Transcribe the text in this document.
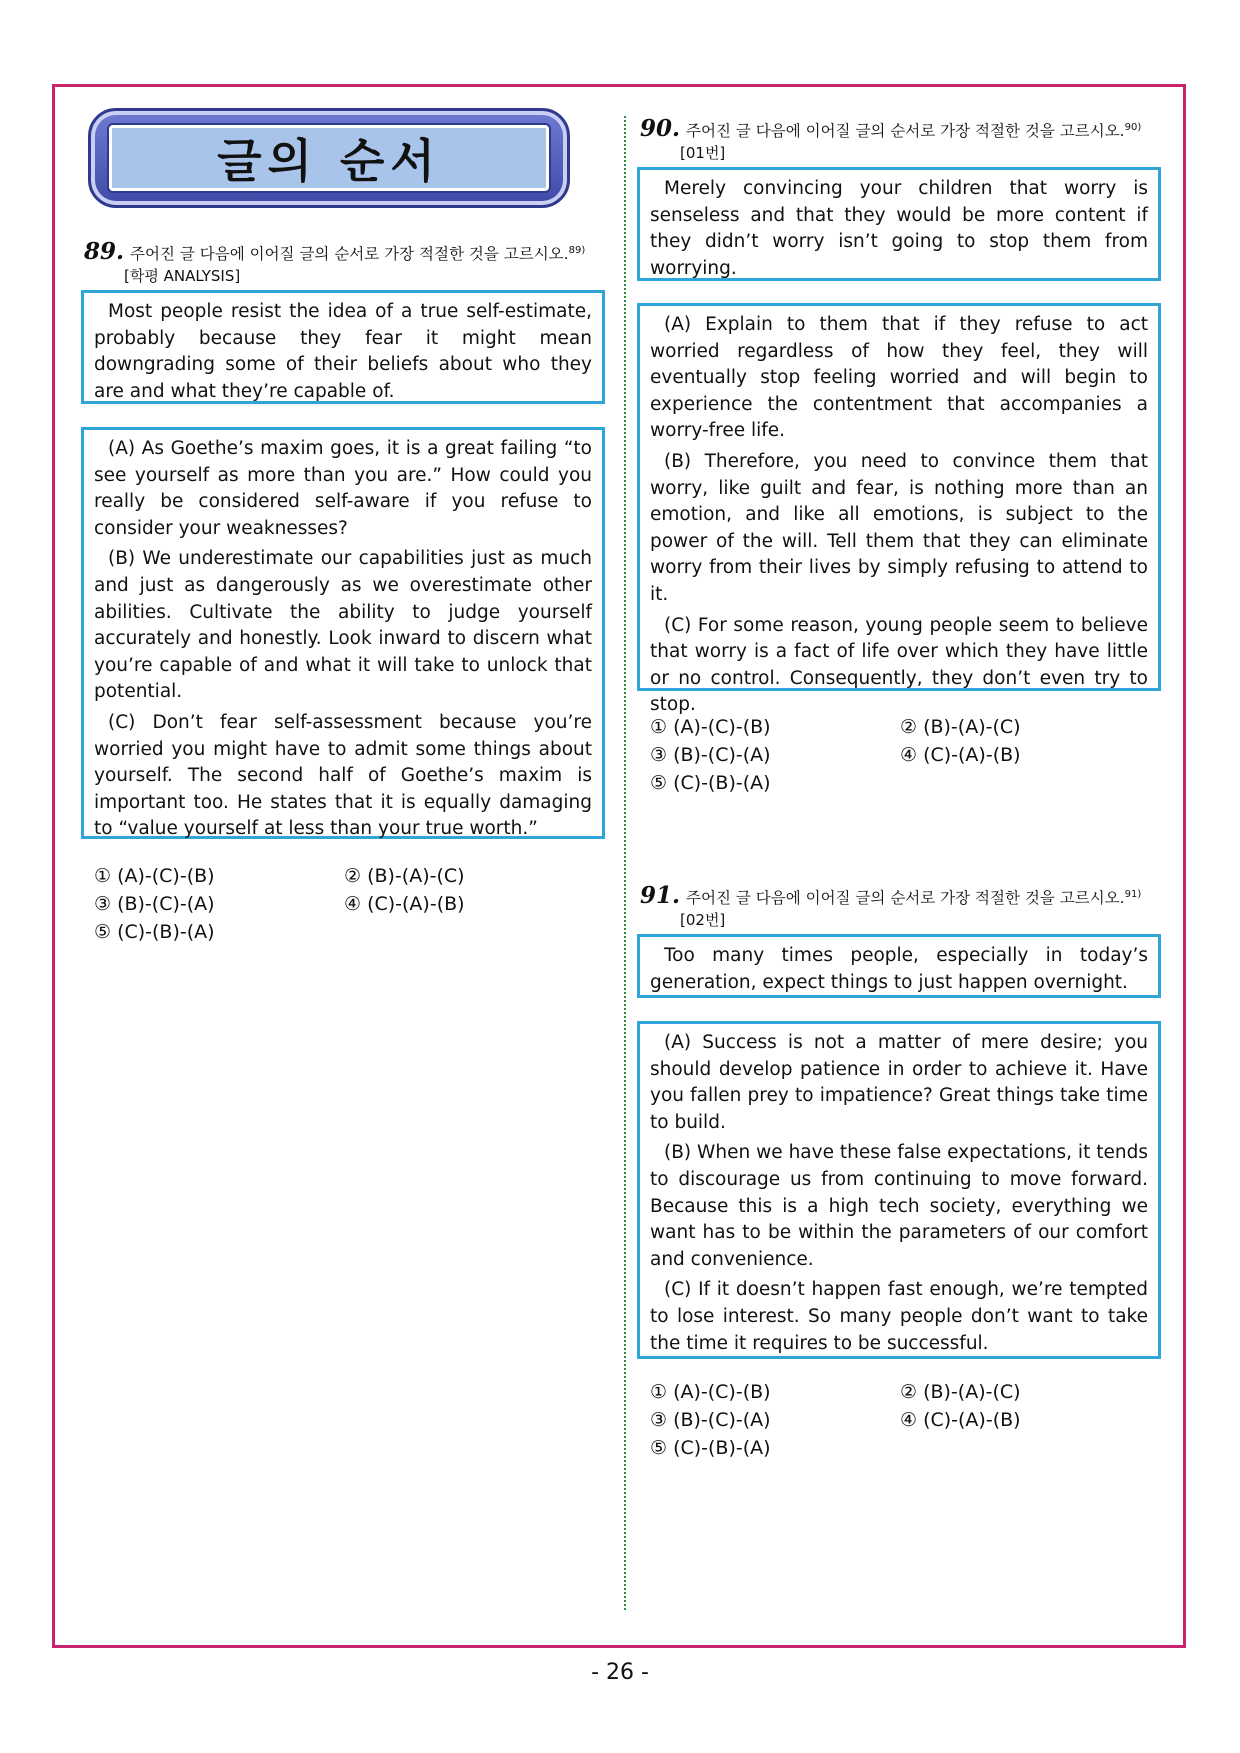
글의 순서
89. 주어진 글 다음에 이어질 글의 순서로 가장 적절한 것을 고르시오.$^{89)}$
[학평 ANALYSIS]

Most people resist the idea of a true self-estimate, probably because they fear it might mean downgrading some of their beliefs about who they are and what they’re capable of.

(A) As Goethe’s maxim goes, it is a great failing “to see yourself as more than you are.” How could you really be considered self-aware if you refuse to consider your weaknesses?

(B) We underestimate our capabilities just as much and just as dangerously as we overestimate other abilities. Cultivate the ability to judge yourself accurately and honestly. Look inward to discern what you’re capable of and what it will take to unlock that potential.

(C) Don’t fear self-assessment because you’re worried you might have to admit some things about yourself. The second half of Goethe’s maxim is important too. He states that it is equally damaging to “value yourself at less than your true worth.”

① (A)-(C)-(B)	② (B)-(A)-(C)
③ (B)-(C)-(A)	④ (C)-(A)-(B)
⑤ (C)-(B)-(A)
90. 주어진 글 다음에 이어질 글의 순서로 가장 적절한 것을 고르시오.$^{90)}$
[01번]

Merely convincing your children that worry is senseless and that they would be more content if they didn’t worry isn’t going to stop them from worrying.

(A) Explain to them that if they refuse to act worried regardless of how they feel, they will eventually stop feeling worried and will begin to experience the contentment that accompanies a worry-free life.

(B) Therefore, you need to convince them that worry, like guilt and fear, is nothing more than an emotion, and like all emotions, is subject to the power of the will. Tell them that they can eliminate worry from their lives by simply refusing to attend to it.

(C) For some reason, young people seem to believe that worry is a fact of life over which they have little or no control. Consequently, they don’t even try to stop.

① (A)-(C)-(B)	② (B)-(A)-(C)
③ (B)-(C)-(A)	④ (C)-(A)-(B)
⑤ (C)-(B)-(A)
91. 주어진 글 다음에 이어질 글의 순서로 가장 적절한 것을 고르시오.$^{91)}$
[02번]

Too many times people, especially in today’s generation, expect things to just happen overnight.

(A) Success is not a matter of mere desire; you should develop patience in order to achieve it. Have you fallen prey to impatience? Great things take time to build.

(B) When we have these false expectations, it tends to discourage us from continuing to move forward. Because this is a high tech society, everything we want has to be within the parameters of our comfort and convenience.

(C) If it doesn’t happen fast enough, we’re tempted to lose interest. So many people don’t want to take the time it requires to be successful.

① (A)-(C)-(B)	② (B)-(A)-(C)
③ (B)-(C)-(A)	④ (C)-(A)-(B)
⑤ (C)-(B)-(A)
- 26 -
